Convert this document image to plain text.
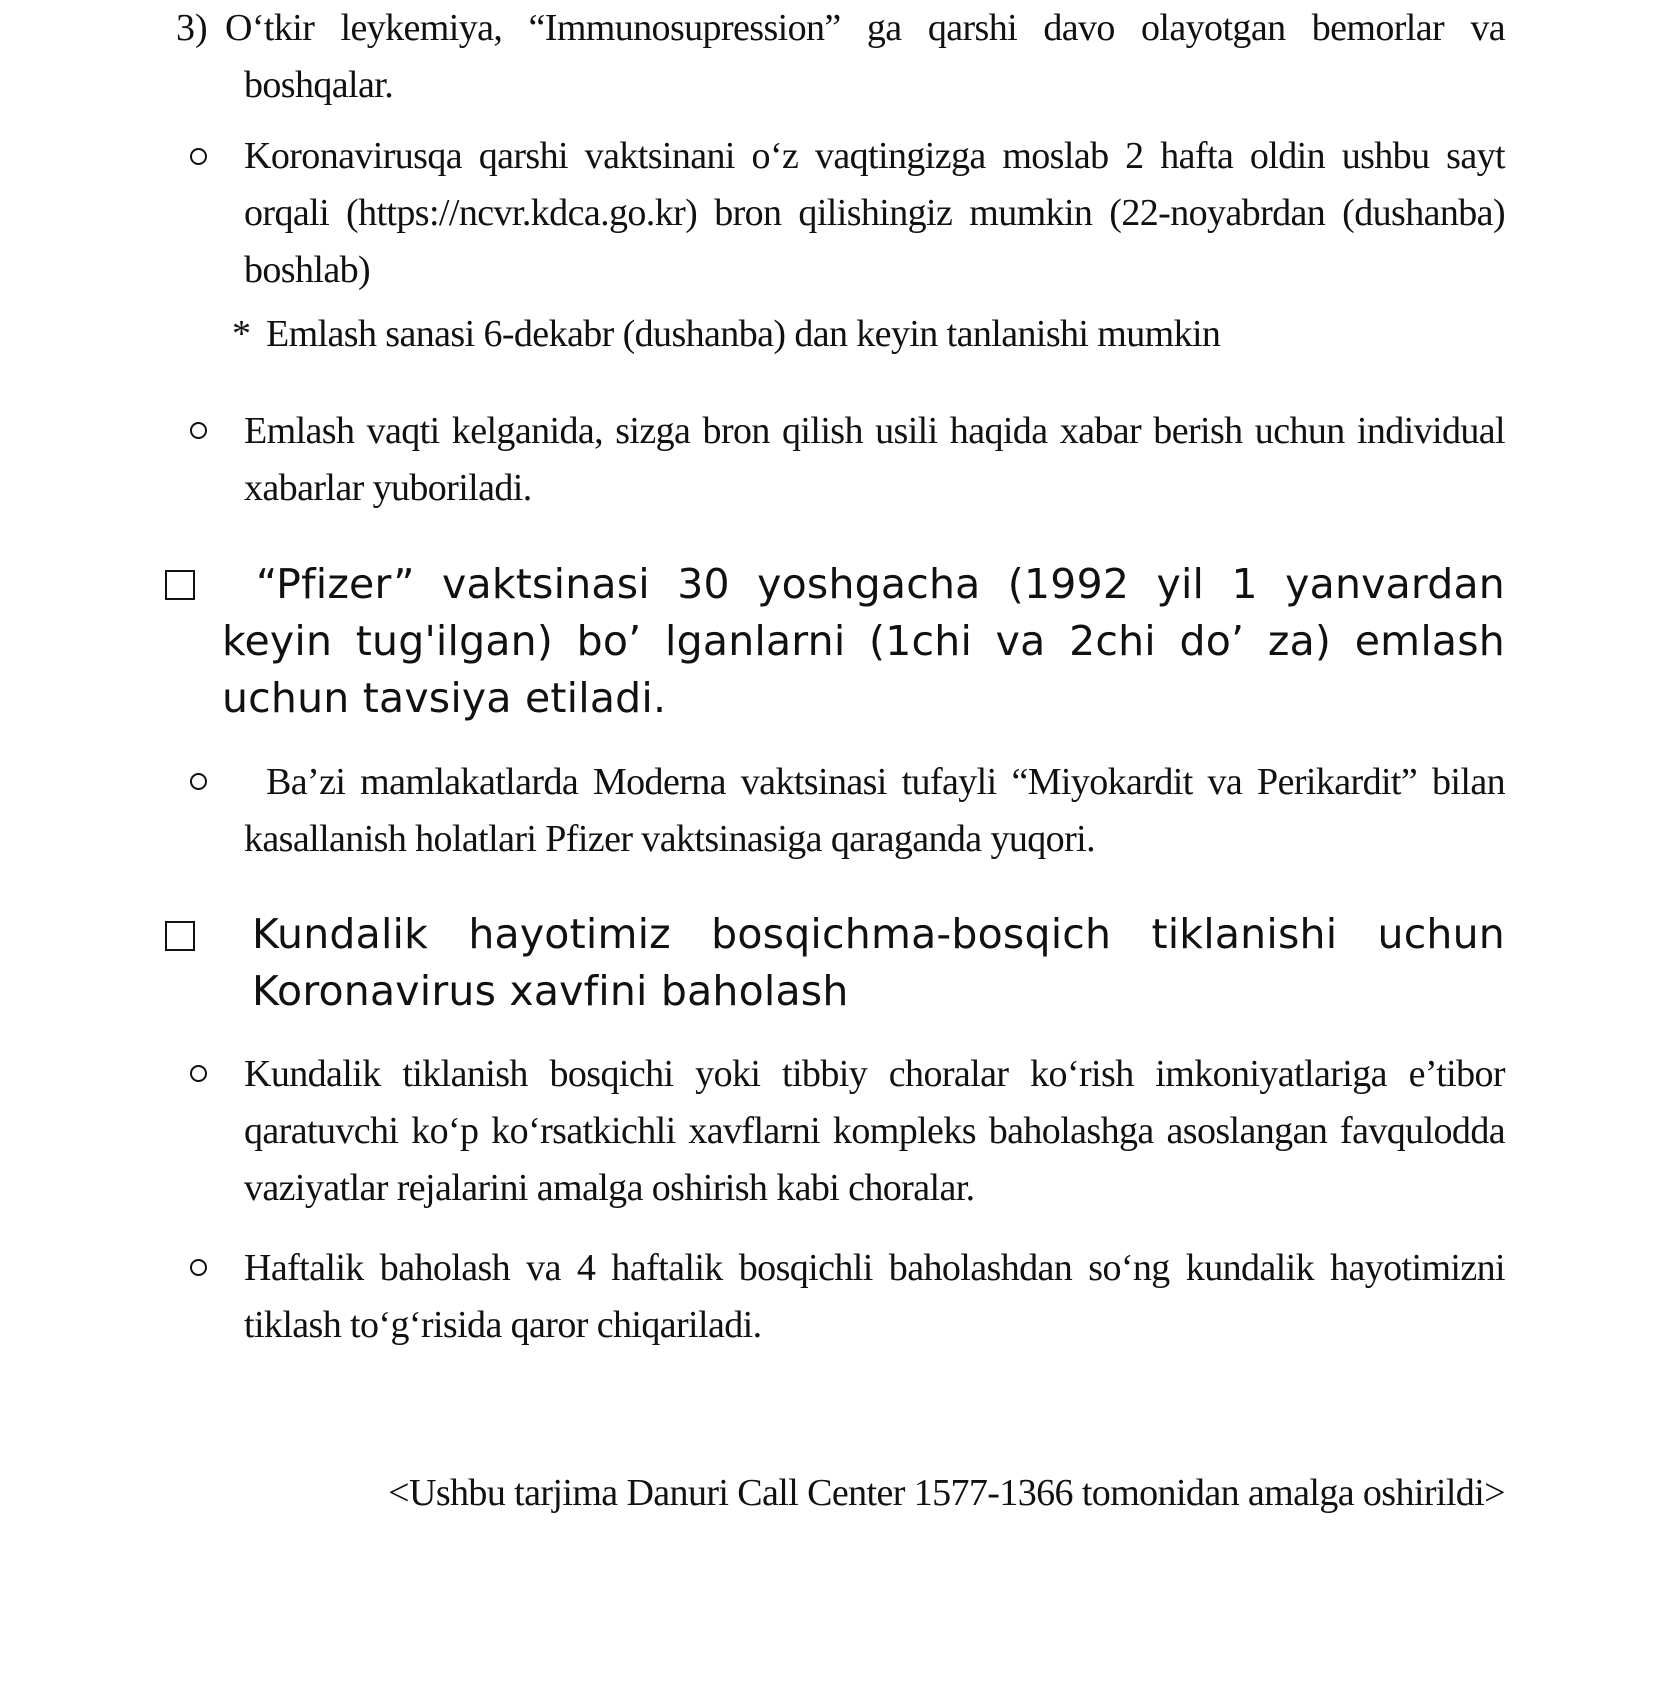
3) O‘tkir leykemiya, “Immunosupression” ga qarshi davo olayotgan bemorlar va boshqalar.
Koronavirusqa qarshi vaktsinani o‘z vaqtingizga moslab 2 hafta oldin ushbu sayt orqali (https://ncvr.kdca.go.kr) bron qilishingiz mumkin (22-noyabrdan (dushanba) boshlab)
* Emlash sanasi 6-dekabr (dushanba) dan keyin tanlanishi mumkin
Emlash vaqti kelganida, sizga bron qilish usili haqida xabar berish uchun individual xabarlar yuboriladi.
“Pfizer” vaktsinasi 30 yoshgacha (1992 yil 1 yanvardan keyin tug'ilgan) bo’ lganlarni (1chi va 2chi do’ za) emlash uchun tavsiya etiladi.
Ba’zi mamlakatlarda Moderna vaktsinasi tufayli “Miyokardit va Perikardit” bilan kasallanish holatlari Pfizer vaktsinasiga qaraganda yuqori.
Kundalik hayotimiz bosqichma-bosqich tiklanishi uchun Koronavirus xavfini baholash
Kundalik tiklanish bosqichi yoki tibbiy choralar ko‘rish imkoniyatlariga e’tibor qaratuvchi ko‘p ko‘rsatkichli xavflarni kompleks baholashga asoslangan favqulodda vaziyatlar rejalarini amalga oshirish kabi choralar.
Haftalik baholash va 4 haftalik bosqichli baholashdan so‘ng kundalik hayotimizni tiklash to‘g‘risida qaror chiqariladi.
<Ushbu tarjima Danuri Call Center 1577-1366 tomonidan amalga oshirildi>
